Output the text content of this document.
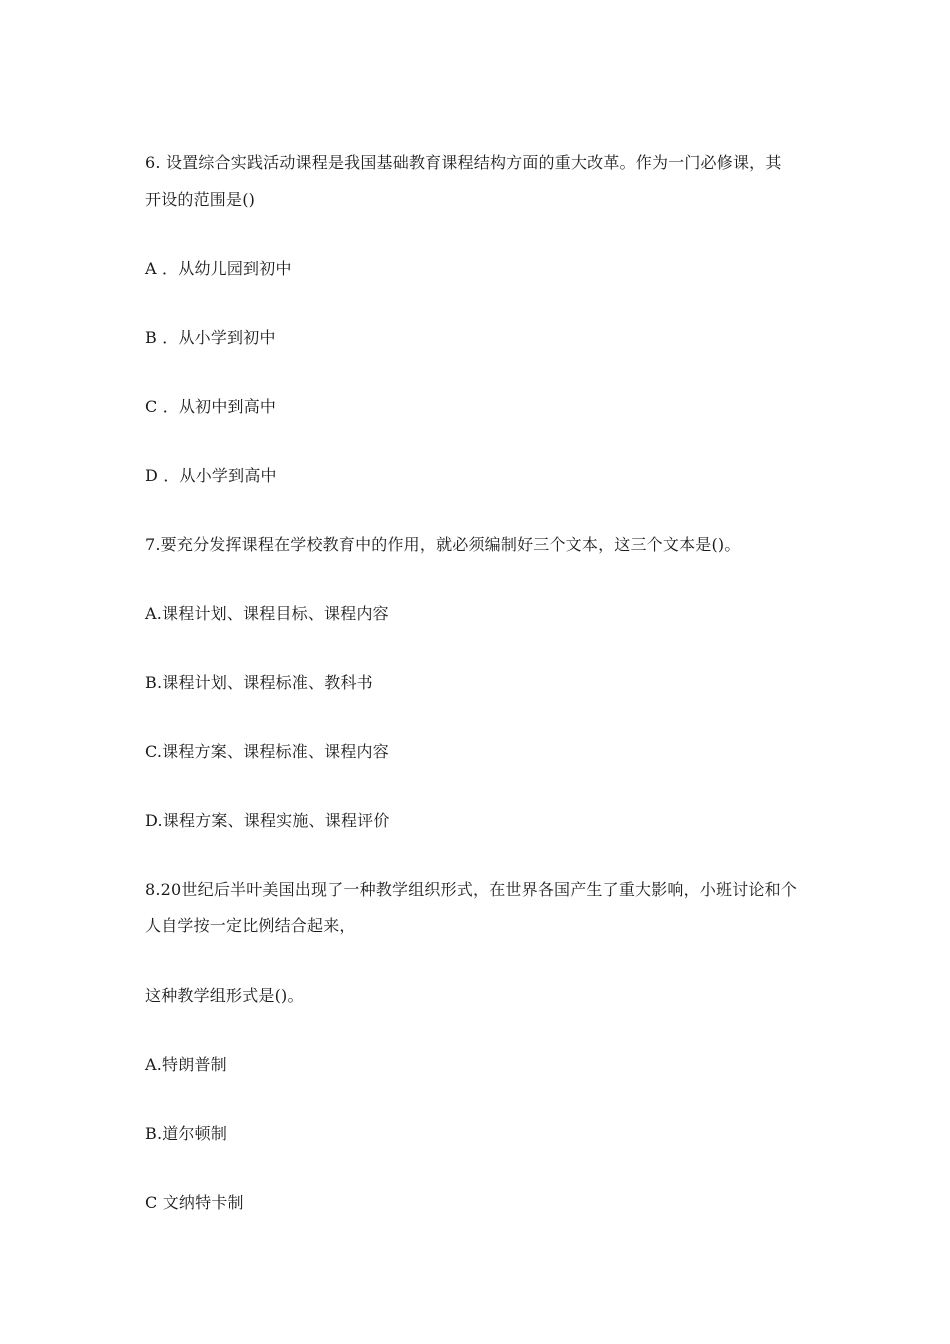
6. 设置综合实践活动课程是我国基础教育课程结构方面的重大改革。作为一门必修课，其

开设的范围是()

A ．从幼儿园到初中

B ．从小学到初中

C ．从初中到高中

D ．从小学到高中

7.要充分发挥课程在学校教育中的作用，就必须编制好三个文本，这三个文本是()。

A.课程计划、课程目标、课程内容

B.课程计划、课程标准、教科书

C.课程方案、课程标准、课程内容

D.课程方案、课程实施、课程评价

8.20世纪后半叶美国出现了一种教学组织形式，在世界各国产生了重大影响，小班讨论和个

人自学按一定比例结合起来，

这种教学组形式是()。

A.特朗普制

B.道尔顿制

C 文纳特卡制
